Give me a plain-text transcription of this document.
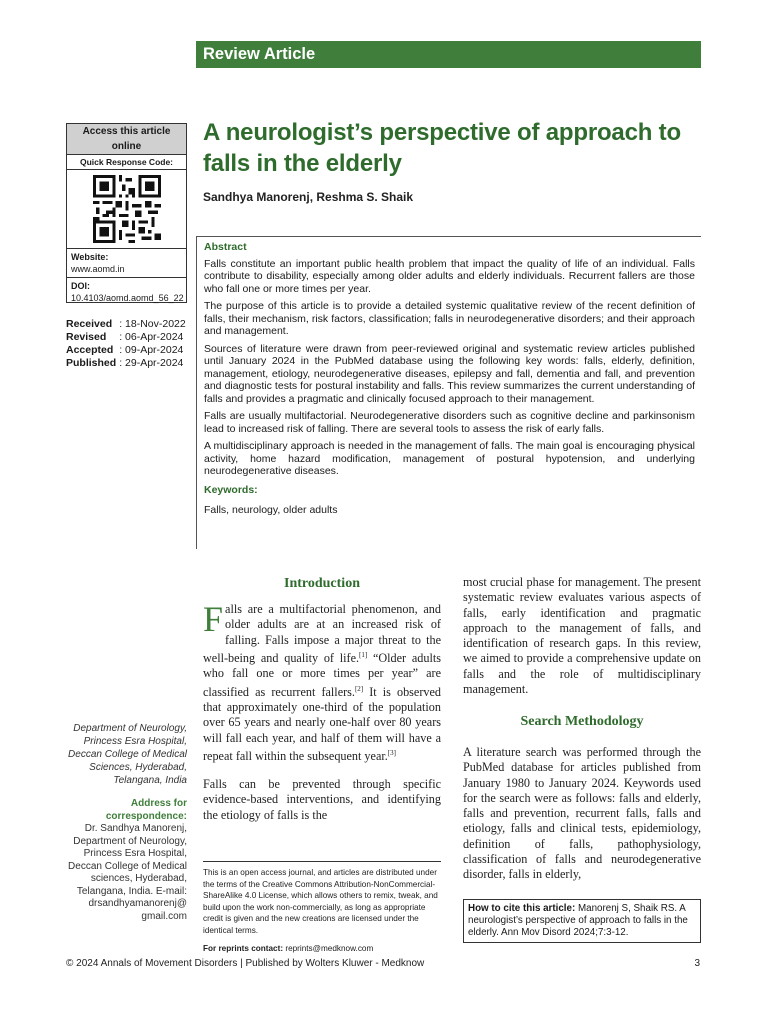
Review Article
Access this article online
Quick Response Code:
Website:
www.aomd.in
DOI:
10.4103/aomd.aomd_56_22
Received	: 18-Nov-2022
Revised	: 06-Apr-2024
Accepted	: 09-Apr-2024
Published	: 29-Apr-2024
Department of Neurology, Princess Esra Hospital, Deccan College of Medical Sciences, Hyderabad, Telangana, India
Address for correspondence:
Dr. Sandhya Manorenj, Department of Neurology, Princess Esra Hospital, Deccan College of Medical sciences, Hyderabad, Telangana, India. E-mail: drsandhyamanorenj@ gmail.com
A neurologist’s perspective of approach to falls in the elderly
Sandhya Manorenj, Reshma S. Shaik
Abstract

Falls constitute an important public health problem that impact the quality of life of an individual. Falls contribute to disability, especially among older adults and elderly individuals. Recurrent fallers are those who fall one or more times per year.

The purpose of this article is to provide a detailed systemic qualitative review of the recent definition of falls, their mechanism, risk factors, classification; falls in neurodegenerative disorders; and their approach and management.

Sources of literature were drawn from peer-reviewed original and systematic review articles published until January 2024 in the PubMed database using the following key words: falls, elderly, definition, management, etiology, neurodegenerative diseases, epilepsy and fall, dementia and fall, and prevention and diagnostic tests for postural instability and falls. This review summarizes the current understanding of falls and provides a pragmatic and clinically focused approach to their management.

Falls are usually multifactorial. Neurodegenerative disorders such as cognitive decline and parkinsonism lead to increased risk of falling. There are several tools to assess the risk of early falls.

A multidisciplinary approach is needed in the management of falls. The main goal is encouraging physical activity, home hazard modification, management of postural hypotension, and underlying neurodegenerative diseases.

Keywords:
Falls, neurology, older adults
Introduction

Falls are a multifactorial phenomenon, and older adults are at an increased risk of falling. Falls impose a major threat to the well-being and quality of life.[1] “Older adults who fall one or more times per year” are classified as recurrent fallers.[2] It is observed that approximately one-third of the population over 65 years and nearly one-half over 80 years will fall each year, and half of them will have a repeat fall within the subsequent year.[3]

Falls can be prevented through specific evidence-based interventions, and identifying the etiology of falls is the

most crucial phase for management. The present systematic review evaluates various aspects of falls, early identification and pragmatic approach to the management of falls, and identification of research gaps. In this review, we aimed to provide a comprehensive update on falls and the role of multidisciplinary management.

Search Methodology

A literature search was performed through the PubMed database for articles published from January 1980 to January 2024. Keywords used for the search were as follows: falls and elderly, falls and prevention, recurrent falls, falls and etiology, falls and clinical tests, epidemiology, definition of falls, pathophysiology, classification of falls and neurodegenerative disorder, falls in elderly,

This is an open access journal, and articles are distributed under the terms of the Creative Commons Attribution-NonCommercial-ShareAlike 4.0 License, which allows others to remix, tweak, and build upon the work non-commercially, as long as appropriate credit is given and the new creations are licensed under the identical terms.

For reprints contact: reprints@medknow.com

How to cite this article: Manorenj S, Shaik RS. A neurologist’s perspective of approach to falls in the elderly. Ann Mov Disord 2024;7:3-12.
© 2024 Annals of Movement Disorders | Published by Wolters Kluwer - Medknow	3
